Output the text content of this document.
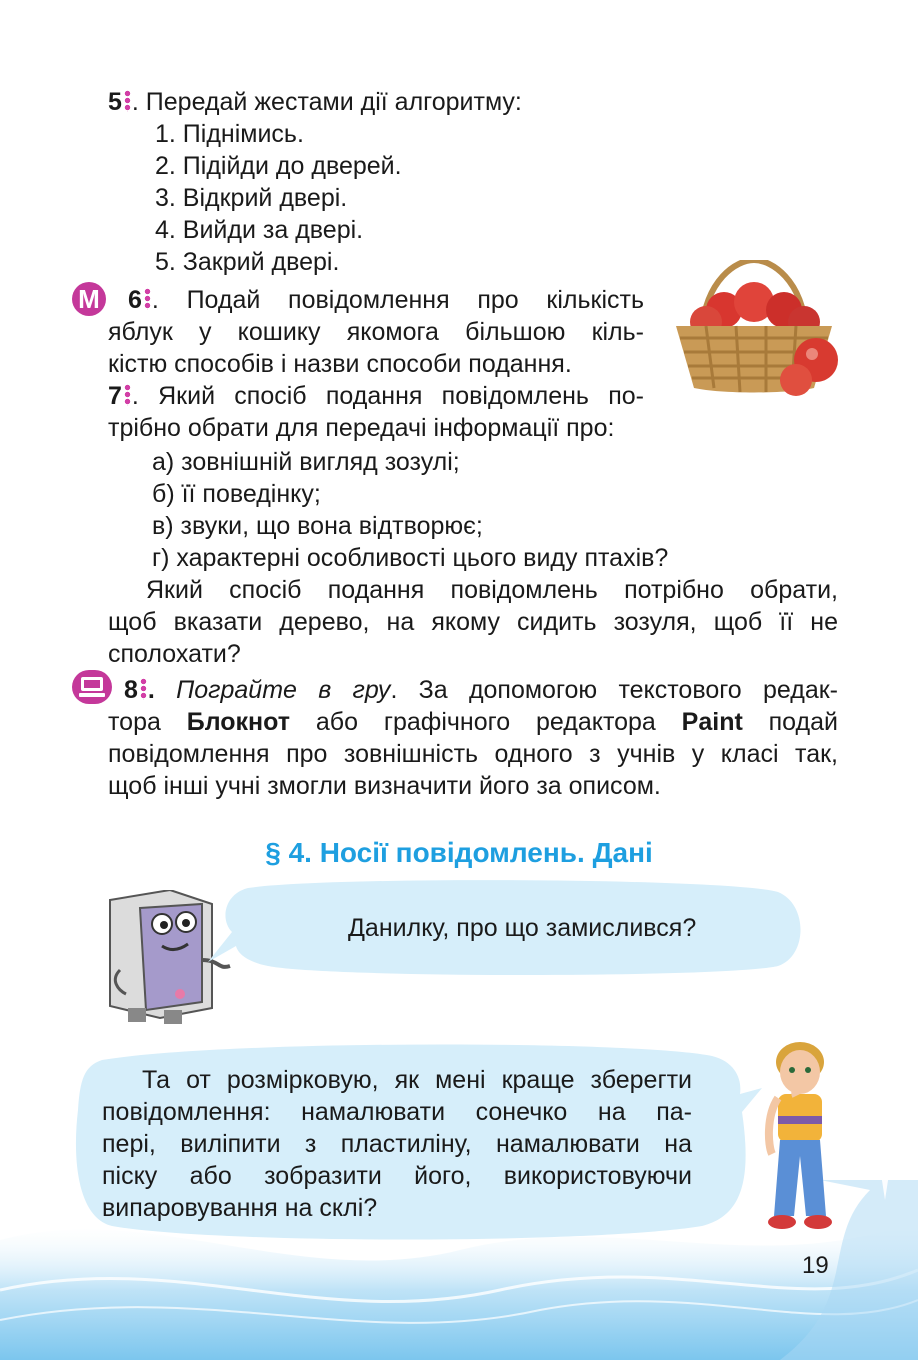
5 . Передай жестами дії алгоритму:
1. Піднімись.
2. Підійди до дверей.
3. Відкрий двері.
4. Вийди за двері.
5. Закрий двері.
М 6 . Подай повідомлення про кількість
яблук у кошику якомога більшою кіль-
кістю способів і назви способи подання.
7 . Який спосіб подання повідомлень по-
трібно обрати для передачі інформації про:
а) зовнішній вигляд зозулі;
б) її поведінку;
в) звуки, що вона відтворює;
г) характерні особливості цього виду птахів?
Який спосіб подання повідомлень потрібно обрати,
щоб вказати дерево, на якому сидить зозуля, щоб її не
сполохати?
8 . Пограйте в гру. За допомогою текстового редак-
тора Блокнот або графічного редактора Paint подай
повідомлення про зовнішність одного з учнів у класі так,
щоб інші учні змогли визначити його за описом.
§ 4. Носії повідомлень. Дані
Данилку, про що замислився?
Та от розмірковую, як мені краще зберегти
повідомлення: намалювати сонечко на па-
пері, виліпити з пластиліну, намалювати на
піску або зобразити його, використовуючи
випаровування на склі?
19
